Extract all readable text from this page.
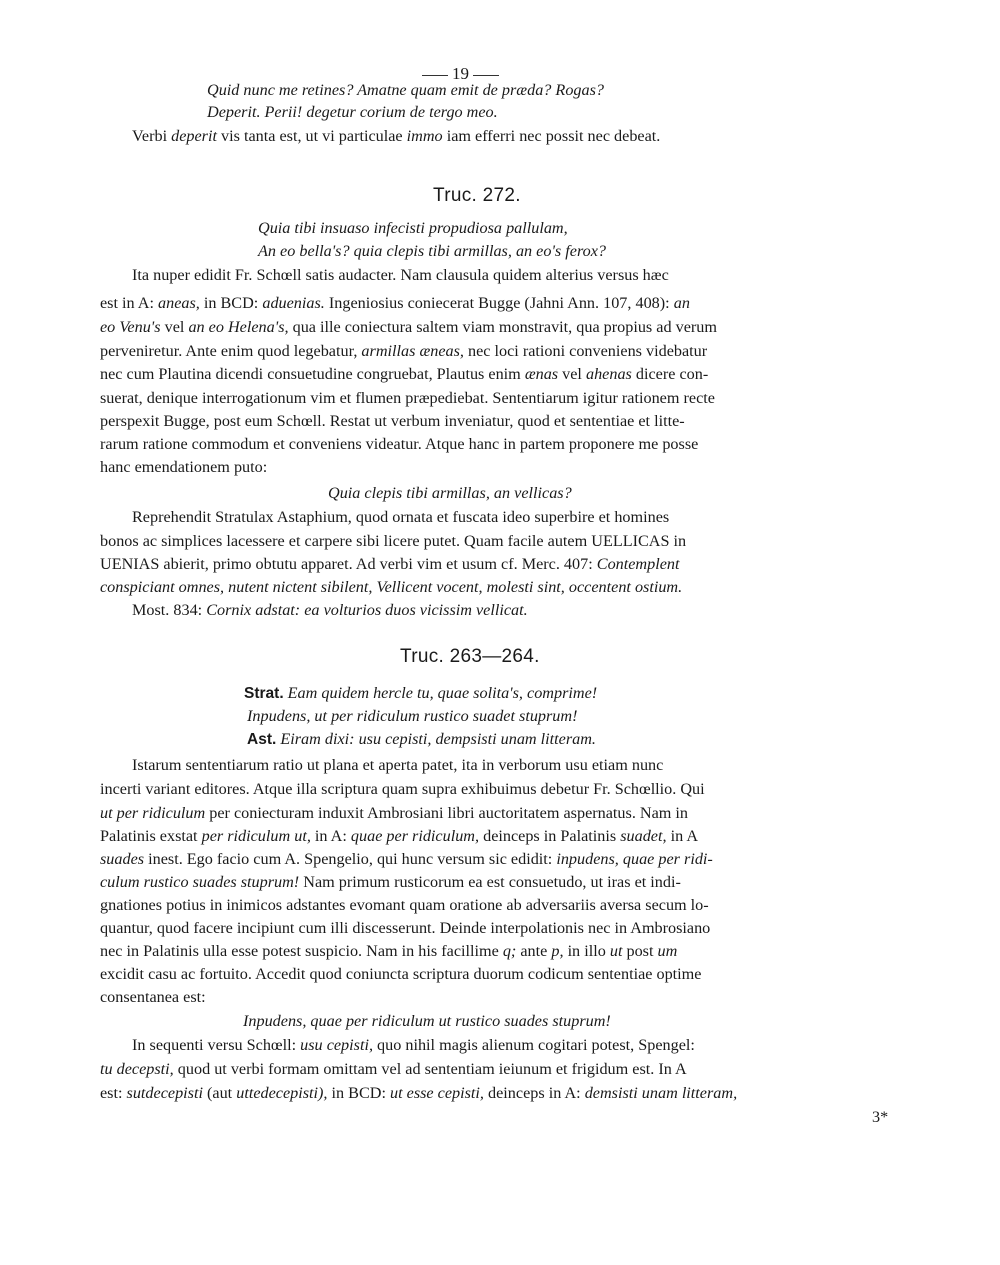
19
Quid nunc me retines? Amatne quam emit de præda? Rogas?
Deperit. Perii! degetur corium de tergo meo.
Verbi deperit vis tanta est, ut vi particulae immo iam efferri nec possit nec debeat.
Truc. 272.
Quia tibi insuaso infecisti propudiosa pallulam,
An eo bella's? quia clepis tibi armillas, an eo's ferox?
Ita nuper edidit Fr. Schœll satis audacter. Nam clausula quidem alterius versus hæc
est in A: aneas, in BCD: aduenias. Ingeniosius coniecerat Bugge (Jahni Ann. 107, 408): an
eo Venu's vel an eo Helena's, qua ille coniectura saltem viam monstravit, qua propius ad verum
perveniretur. Ante enim quod legebatur, armillas æneas, nec loci rationi conveniens videbatur
nec cum Plautina dicendi consuetudine congruebat, Plautus enim ænas vel ahenas dicere con-
suerat, denique interrogationum vim et flumen præpediebat. Sententiarum igitur rationem recte
perspexit Bugge, post eum Schœll. Restat ut verbum inveniatur, quod et sententiae et litte-
rarum ratione commodum et conveniens videatur. Atque hanc in partem proponere me posse
hanc emendationem puto:
Quia clepis tibi armillas, an vellicas?
Reprehendit Stratulax Astaphium, quod ornata et fuscata ideo superbire et homines
bonos ac simplices lacessere et carpere sibi licere putet. Quam facile autem UELLICAS in
UENIAS abierit, primo obtutu apparet. Ad verbi vim et usum cf. Merc. 407: Contemplent
conspiciant omnes, nutent nictent sibilent, Vellicent vocent, molesti sint, occentent ostium.
Most. 834: Cornix adstat: ea volturios duos vicissim vellicat.
Truc. 263—264.
Strat. Eam quidem hercle tu, quae solita's, comprime!
Inpudens, ut per ridiculum rustico suadet stuprum!
Ast. Eiram dixi: usu cepisti, dempsisti unam litteram.
Istarum sententiarum ratio ut plana et aperta patet, ita in verborum usu etiam nunc
incerti variant editores. Atque illa scriptura quam supra exhibuimus debetur Fr. Schœllio. Qui
ut per ridiculum per coniecturam induxit Ambrosiani libri auctoritatem aspernatus. Nam in
Palatinis exstat per ridiculum ut, in A: quae per ridiculum, deinceps in Palatinis suadet, in A
suades inest. Ego facio cum A. Spengelio, qui hunc versum sic edidit: inpudens, quae per ridi-
culum rustico suades stuprum! Nam primum rusticorum ea est consuetudo, ut iras et indi-
gnationes potius in inimicos adstantes evomant quam oratione ab adversariis aversa secum lo-
quantur, quod facere incipiunt cum illi discesserunt. Deinde interpolationis nec in Ambrosiano
nec in Palatinis ulla esse potest suspicio. Nam in his facillime q; ante p, in illo ut post um
excidit casu ac fortuito. Accedit quod coniuncta scriptura duorum codicum sententiae optime
consentanea est:
Inpudens, quae per ridiculum ut rustico suades stuprum!
In sequenti versu Schœll: usu cepisti, quo nihil magis alienum cogitari potest, Spengel:
tu decepsti, quod ut verbi formam omittam vel ad sententiam ieiunum et frigidum est. In A
est: sutdecepisti (aut uttedecepisti), in BCD: ut esse cepisti, deinceps in A: demsisti unam litteram,
3*
